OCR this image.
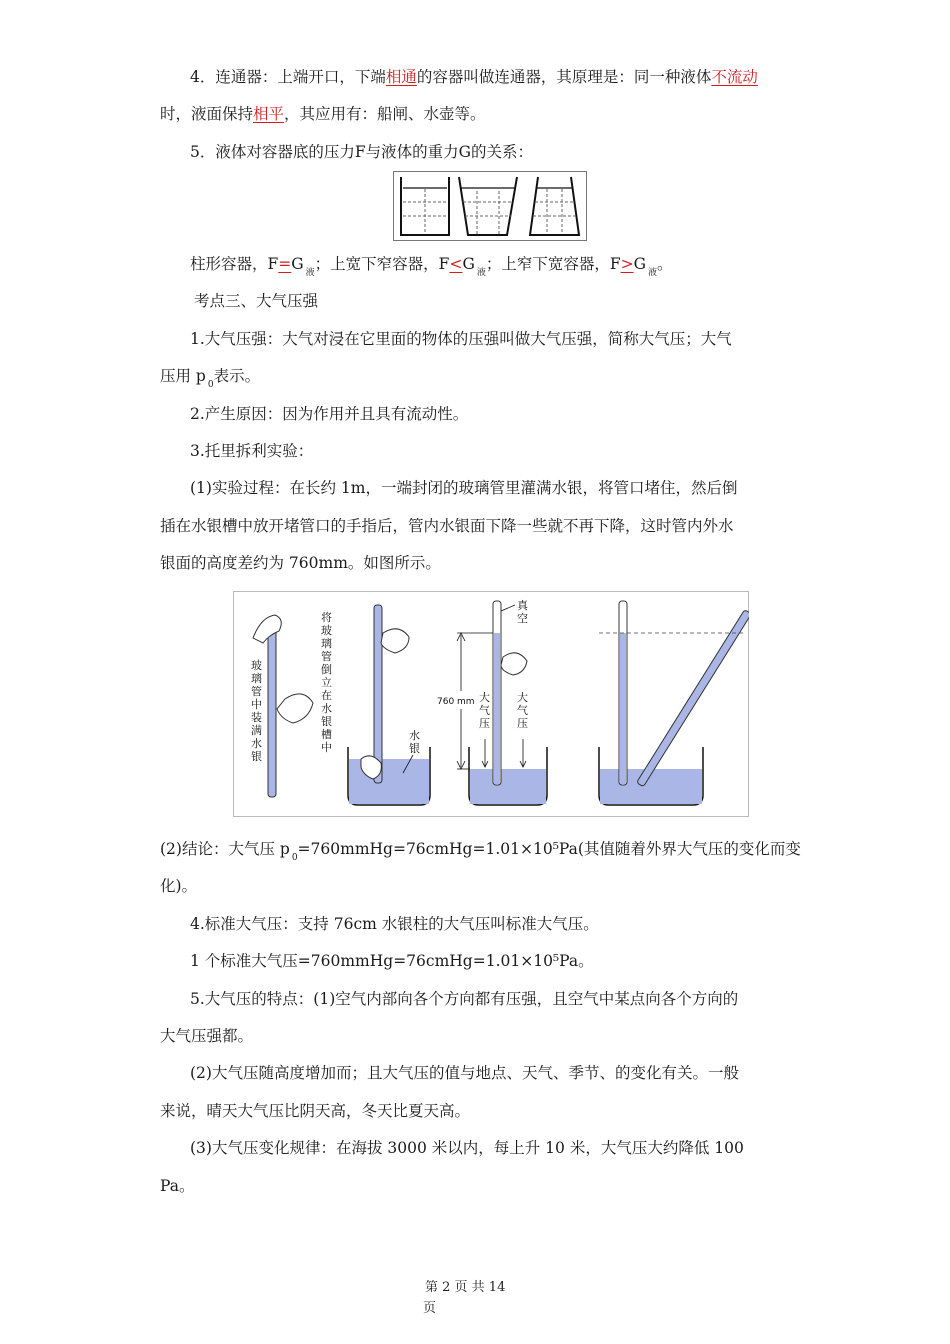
4．连通器：上端开口，下端相通的容器叫做连通器，其原理是：同一种液体不流动
时，液面保持相平，其应用有：船闸、水壶等。
5．液体对容器底的压力F与液体的重力G的关系：
柱形容器，F=G $_液$；上宽下窄容器，F<G $_液$；上窄下宽容器，F>G $_液$。
考点三、大气压强
1.大气压强：大气对浸在它里面的物体的压强叫做大气压强，简称大气压；大气
压用 p $_0$表示。
2.产生原因：因为作用并且具有流动性。
3.托里拆利实验：
(1)实验过程：在长约 1m，一端封闭的玻璃管里灌满水银，将管口堵住，然后倒
插在水银槽中放开堵管口的手指后，管内水银面下降一些就不再下降，这时管内外水
银面的高度差约为 760mm。如图所示。
玻
璃
管
中
装
满
水
银
将
玻
璃
管
倒
立
在
水
银
槽
中
水
银
真
空
760 mm 大
气
压
大
气
压
(2)结论：大气压 p $_0$=760mmHg=76cmHg=1.01×10⁵Pa(其值随着外界大气压的变化而变
化)。
4.标准大气压：支持 76cm 水银柱的大气压叫标准大气压。
1 个标准大气压=760mmHg=76cmHg=1.01×10⁵Pa。
5.大气压的特点：(1)空气内部向各个方向都有压强，且空气中某点向各个方向的
大气压强都。
(2)大气压随高度增加而；且大气压的值与地点、天气、季节、的变化有关。一般
来说，晴天大气压比阴天高，冬天比夏天高。
(3)大气压变化规律：在海拔 3000 米以内，每上升 10 米，大气压大约降低 100
Pa。
第 2 页 共 14
页
